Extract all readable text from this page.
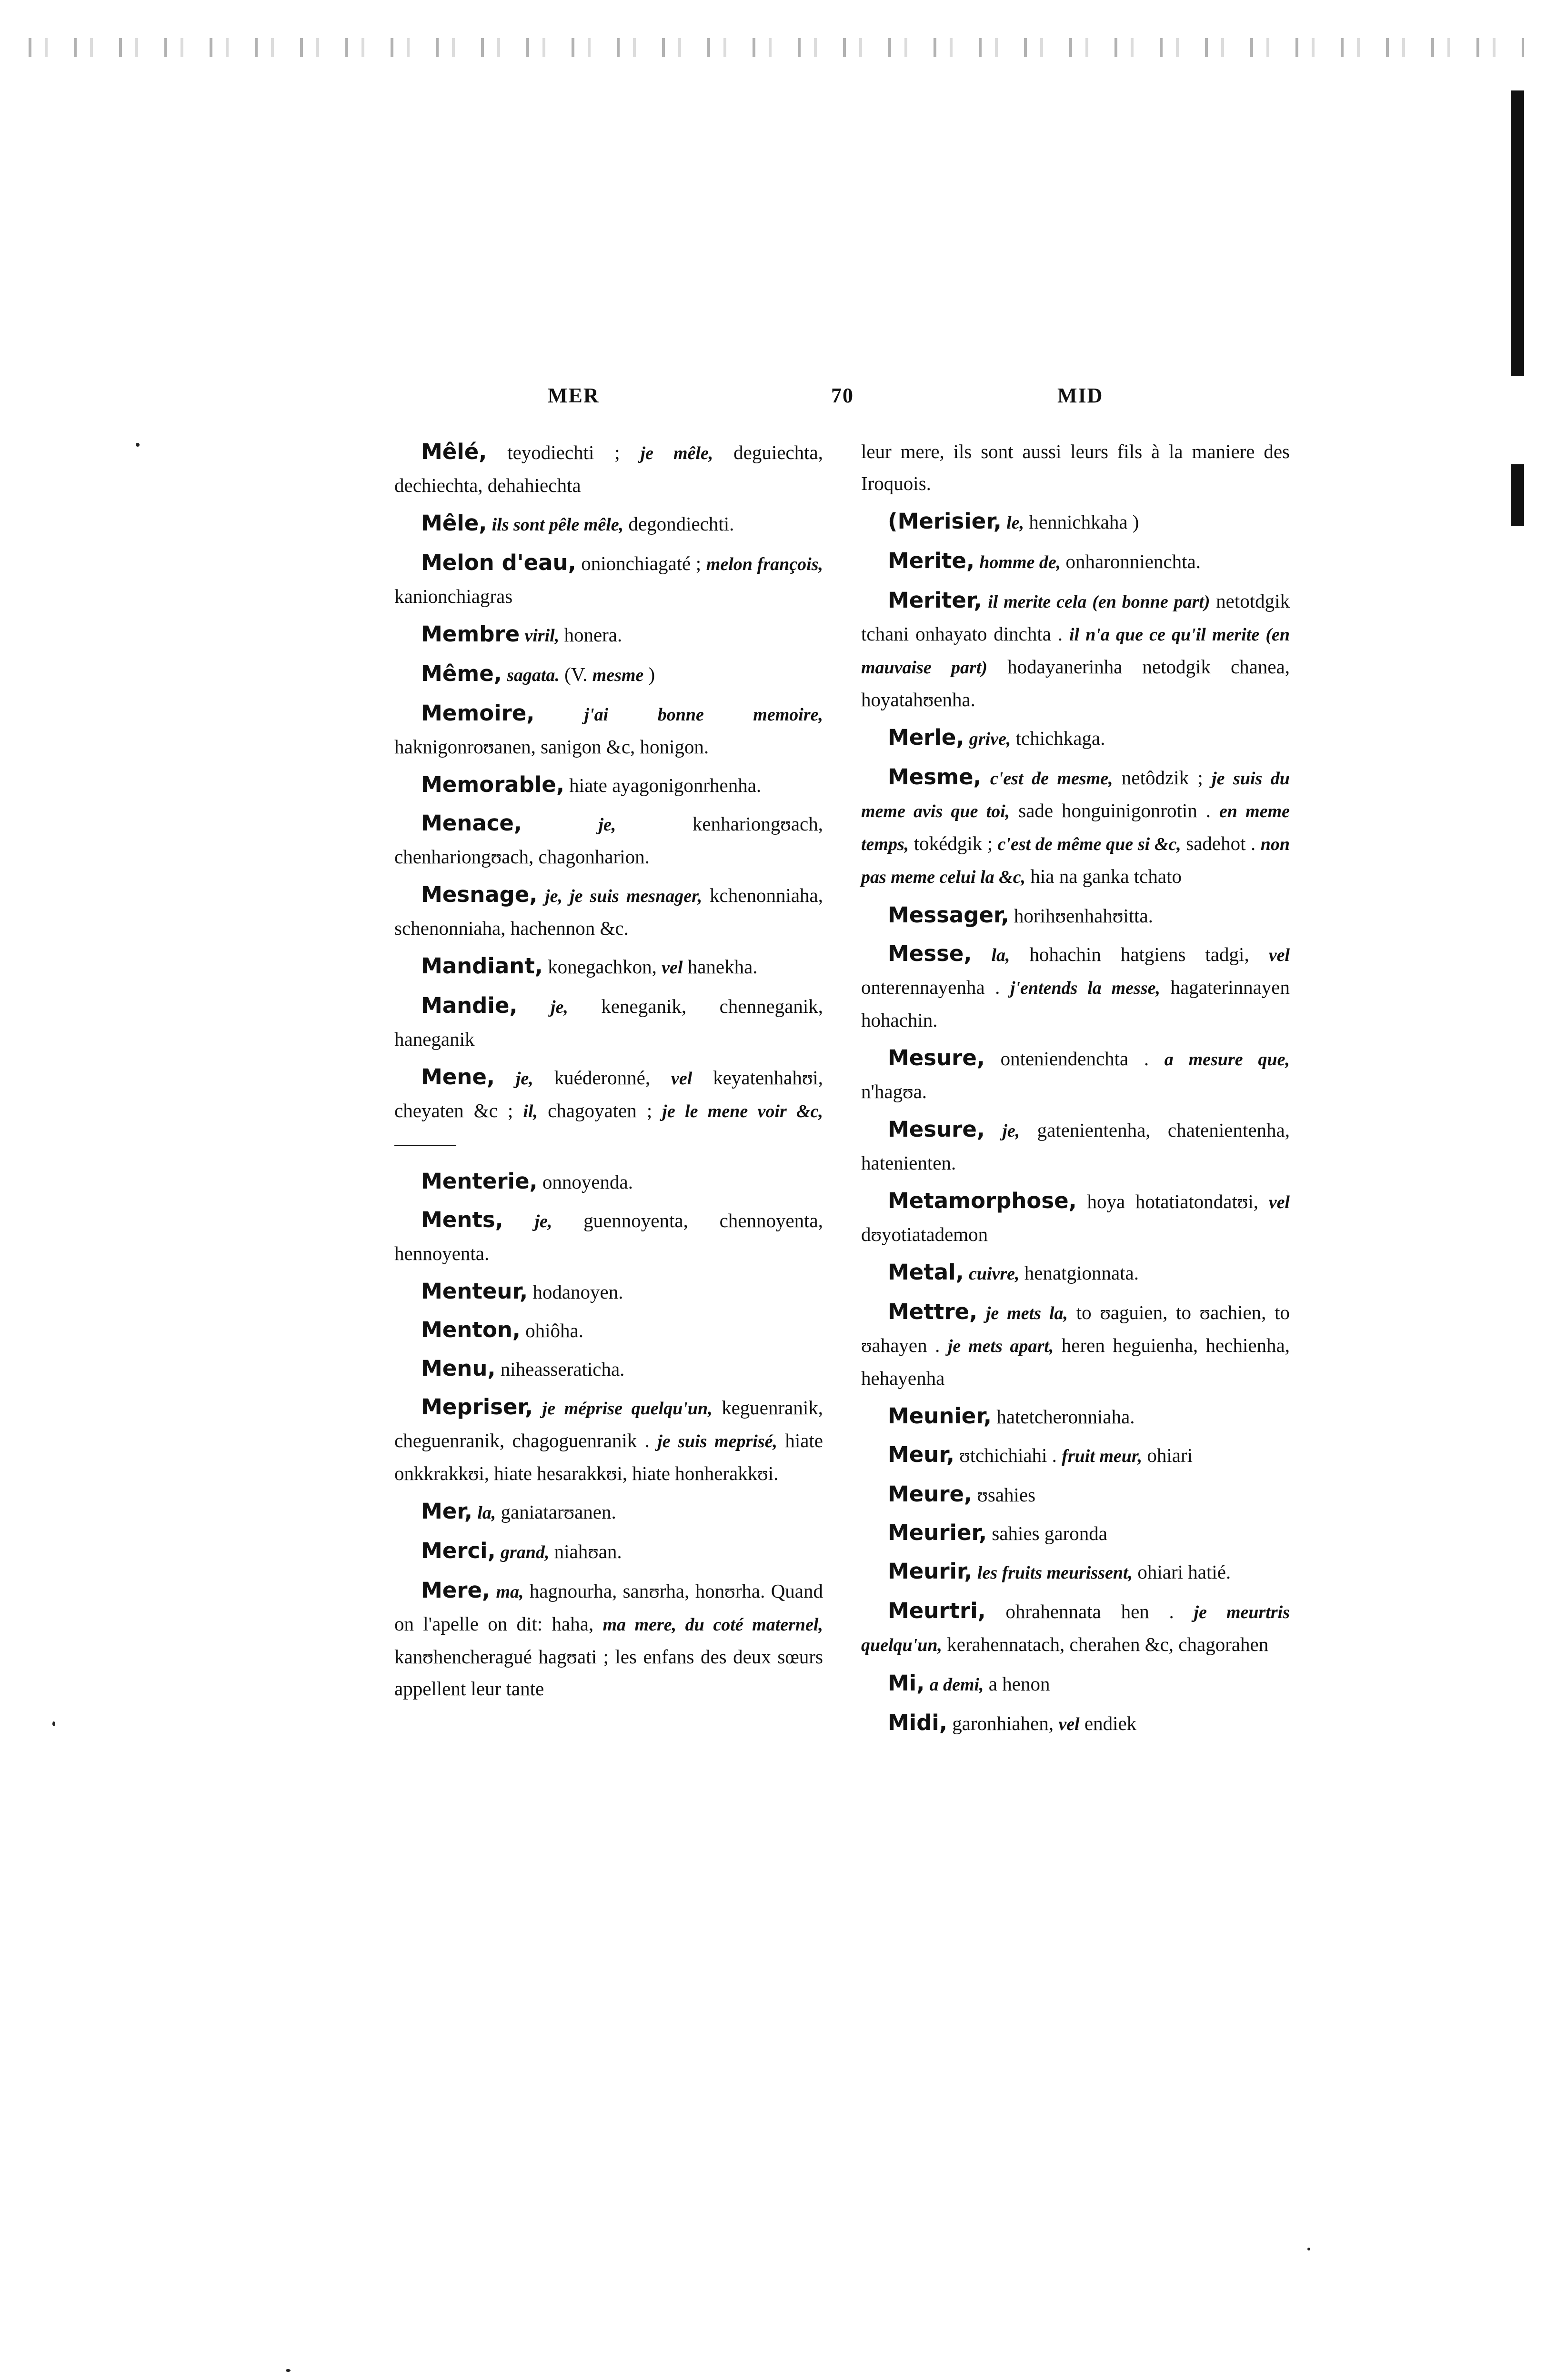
MER	70	MID

Mêlé, teyodiechti ; je mêle, deguiechta, dechiechta, dehahiechta

Mêle, ils sont pêle mêle, degondiechti.

Melon d'eau, onionchiagaté ; melon françois, kanionchiagras

Membre viril, honera.

Même, sagata. (V. mesme )

Memoire,	j'ai bonne memoire, haknigonroʊanen, sanigon &c, honigon.

Memorable, hiate ayagonigonrhenha.

Menace,	je, kenhariongʊach, chenhariongʊach, chagonharion.

Mesnage, je, je suis mesnager, kchenonniaha, schenonniaha, hachennon &c.

Mandiant, konegachkon, vel hanekha.

Mandie, je, keneganik, chenneganik, haneganik

Mene, je, kuéderonné, vel keyatenhahʊi, cheyaten &c ; il, chagoyaten ; je le mene voir &c,

Menterie, onnoyenda.

Ments, je, guennoyenta, chennoyenta, hennoyenta.

Menteur, hodanoyen.

Menton, ohiôha.

Menu, niheasseraticha.

Mepriser, je méprise quelqu'un, keguenranik, cheguenranik, chagoguenranik . je suis meprisé, hiate onkkrakkʊi, hiate hesarakkʊi, hiate honherakkʊi.

Mer, la, ganiatarʊanen.

Merci, grand, niahʊan.

Mere, ma, hagnourha, sanʊrha, honʊrha. Quand on l'apelle on dit: haha, ma mere, du coté maternel, kanʊhencheragué hagʊati ; les enfans des deux sœurs appellent leur tante

leur mere, ils sont aussi leurs fils à la maniere des Iroquois.

(Merisier, le, hennichkaha )

Merite, homme de, onharonnienchta.

Meriter, il merite cela (en bonne part) netotdgik tchani onhayato dinchta . il n'a que ce qu'il merite (en mauvaise part) hodayanerinha netodgik chanea, hoyatahʊenha.

Merle, grive, tchichkaga.

Mesme, c'est de mesme, netôdzik ; je suis du meme avis que toi, sade honguinigonrotin . en meme temps, tokédgik ; c'est de même que si &c, sadehot . non pas meme celui la &c, hia na ganka tchato

Messager, horihʊenhahʊitta.

Messe, la, hohachin hatgiens tadgi, vel onterennayenha . j'entends la messe, hagaterinnayen hohachin.

Mesure, onteniendenchta . a mesure que, n'hagʊa.

Mesure, je, gatenientenha, chatenientenha, hatenienten.

Metamorphose, hoya hotatiatondatʊi, vel dʊyotiatademon

Metal, cuivre, henatgionnata.

Mettre, je mets la, to ʊaguien, to ʊachien, to ʊahayen . je mets apart, heren heguienha, hechienha, hehayenha

Meunier, hatetcheronniaha.

Meur, ʊtchichiahi . fruit meur, ohiari

Meure, ʊsahies

Meurier, sahies garonda

Meurir, les fruits meurissent, ohiari hatié.

Meurtri, ohrahennata hen . je meurtris quelqu'un, kerahennatach, cherahen &c, chagorahen

Mi, a demi, a henon

Midi, garonhiahen, vel endiek
